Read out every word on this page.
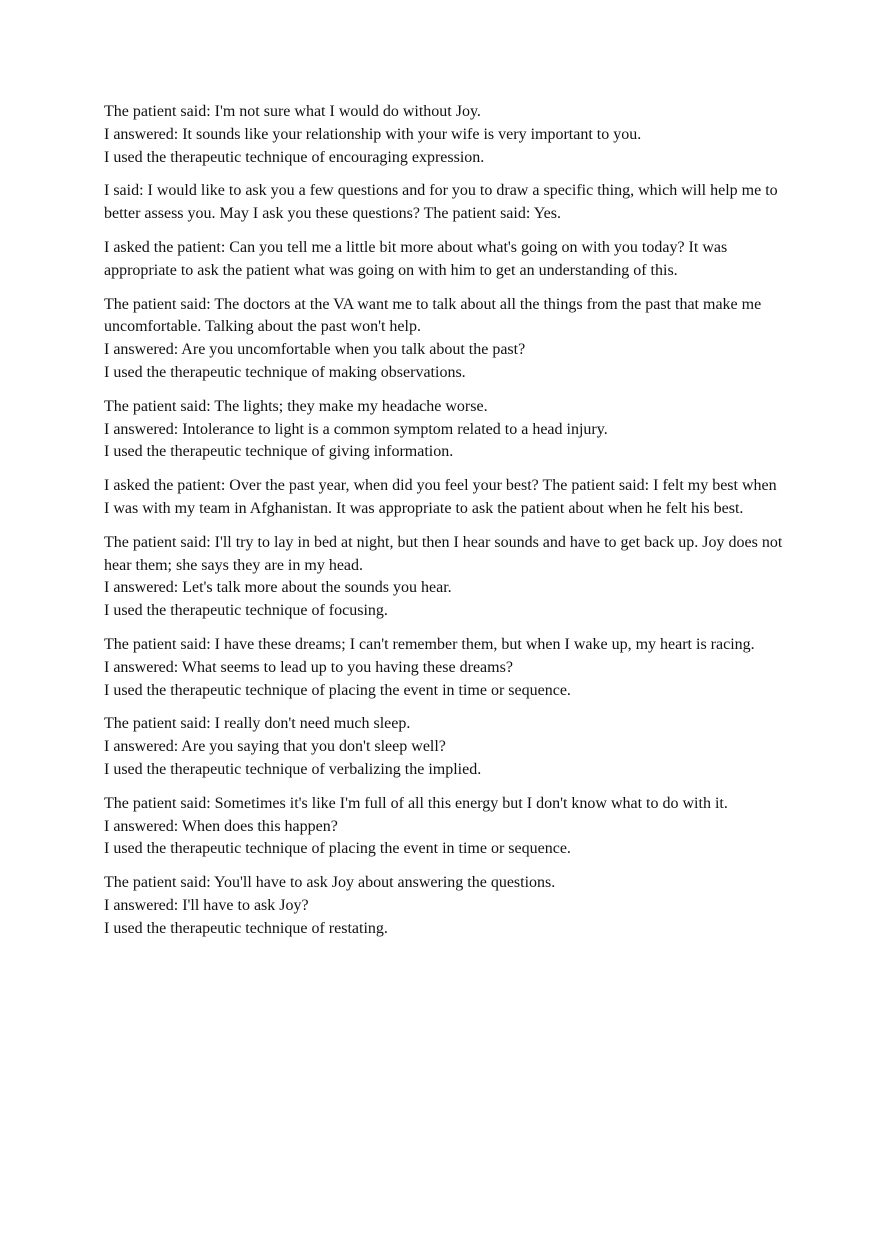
The patient said: I'm not sure what I would do without Joy.
I answered: It sounds like your relationship with your wife is very important to you.
I used the therapeutic technique of encouraging expression.
I said: I would like to ask you a few questions and for you to draw a specific thing, which will help me to better assess you. May I ask you these questions? The patient said: Yes.
I asked the patient: Can you tell me a little bit more about what's going on with you today? It was appropriate to ask the patient what was going on with him to get an understanding of this.
The patient said: The doctors at the VA want me to talk about all the things from the past that make me uncomfortable. Talking about the past won't help.
I answered: Are you uncomfortable when you talk about the past?
I used the therapeutic technique of making observations.
The patient said: The lights; they make my headache worse.
I answered: Intolerance to light is a common symptom related to a head injury.
I used the therapeutic technique of giving information.
I asked the patient: Over the past year, when did you feel your best? The patient said: I felt my best when I was with my team in Afghanistan. It was appropriate to ask the patient about when he felt his best.
The patient said: I'll try to lay in bed at night, but then I hear sounds and have to get back up. Joy does not hear them; she says they are in my head.
I answered: Let's talk more about the sounds you hear.
I used the therapeutic technique of focusing.
The patient said: I have these dreams; I can't remember them, but when I wake up, my heart is racing.
I answered: What seems to lead up to you having these dreams?
I used the therapeutic technique of placing the event in time or sequence.
The patient said: I really don't need much sleep.
I answered: Are you saying that you don't sleep well?
I used the therapeutic technique of verbalizing the implied.
The patient said: Sometimes it's like I'm full of all this energy but I don't know what to do with it.
I answered: When does this happen?
I used the therapeutic technique of placing the event in time or sequence.
The patient said: You'll have to ask Joy about answering the questions.
I answered: I'll have to ask Joy?
I used the therapeutic technique of restating.
